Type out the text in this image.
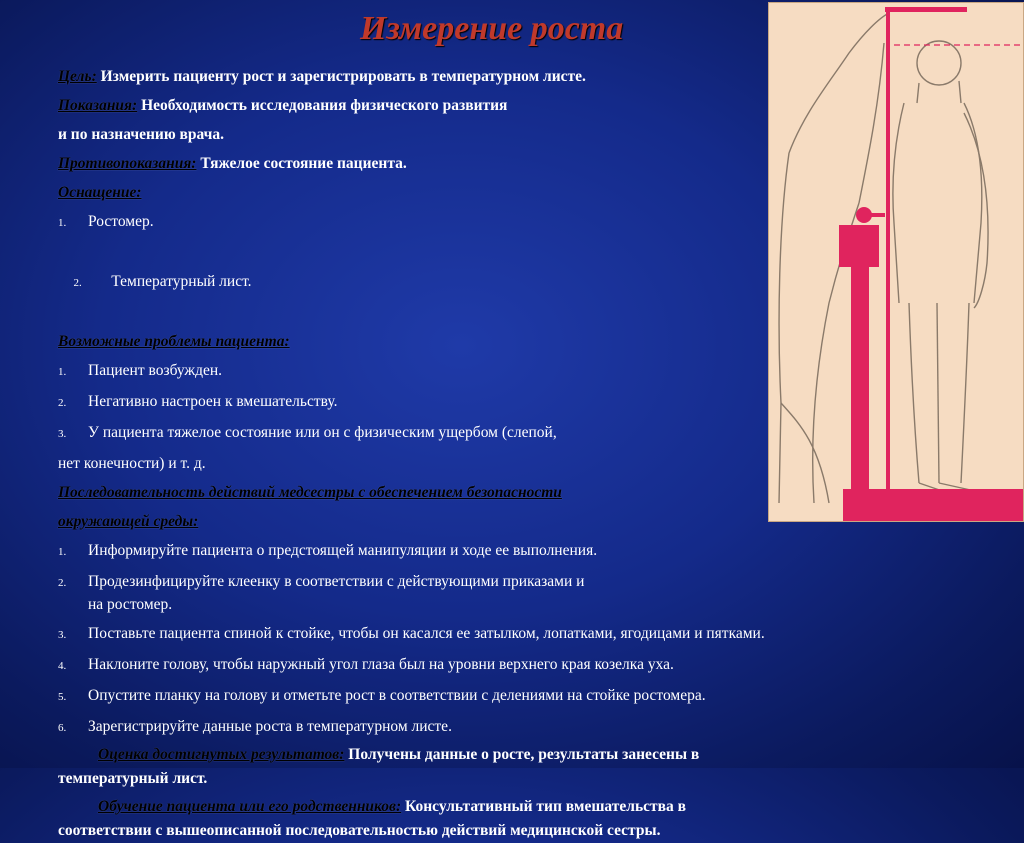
Измерение роста
Цель: Измерить пациенту рост и зарегистрировать в температурном листе.
Показания: Необходимость исследования физического развития
и по назначению врача.
Противопоказания: Тяжелое состояние пациента.
Оснащение:
1. Ростомер.

2.  Температурный лист.

Возможные проблемы пациента:
1. Пациент возбужден.
2. Негативно настроен к вмешательству.
3. У пациента тяжелое состояние или он с физическим ущербом (слепой,
нет конечности) и т. д.
Последовательность действий медсестры с обеспечением безопасности
окружающей среды:
1. Информируйте пациента о предстоящей манипуляции и ходе ее выполнения.
2. Продезинфицируйте клеенку в соответствии с действующими приказами и
на ростомер.
3. Поставьте пациента спиной к стойке, чтобы он касался ее затылком, лопатками, ягодицами и пятками.
4. Наклоните голову, чтобы наружный угол глаза был на уровни верхнего края козелка уха.
5. Опустите планку на голову и отметьте рост в соответствии с делениями на стойке ростомера.
6. Зарегистрируйте данные роста в температурном листе.
Оценка достигнутых результатов: Получены данные о росте, результаты занесены в
температурный лист.
Обучение пациента или его родственников: Консультативный тип вмешательства в
соответствии с вышеописанной последовательностью действий медицинской сестры.
